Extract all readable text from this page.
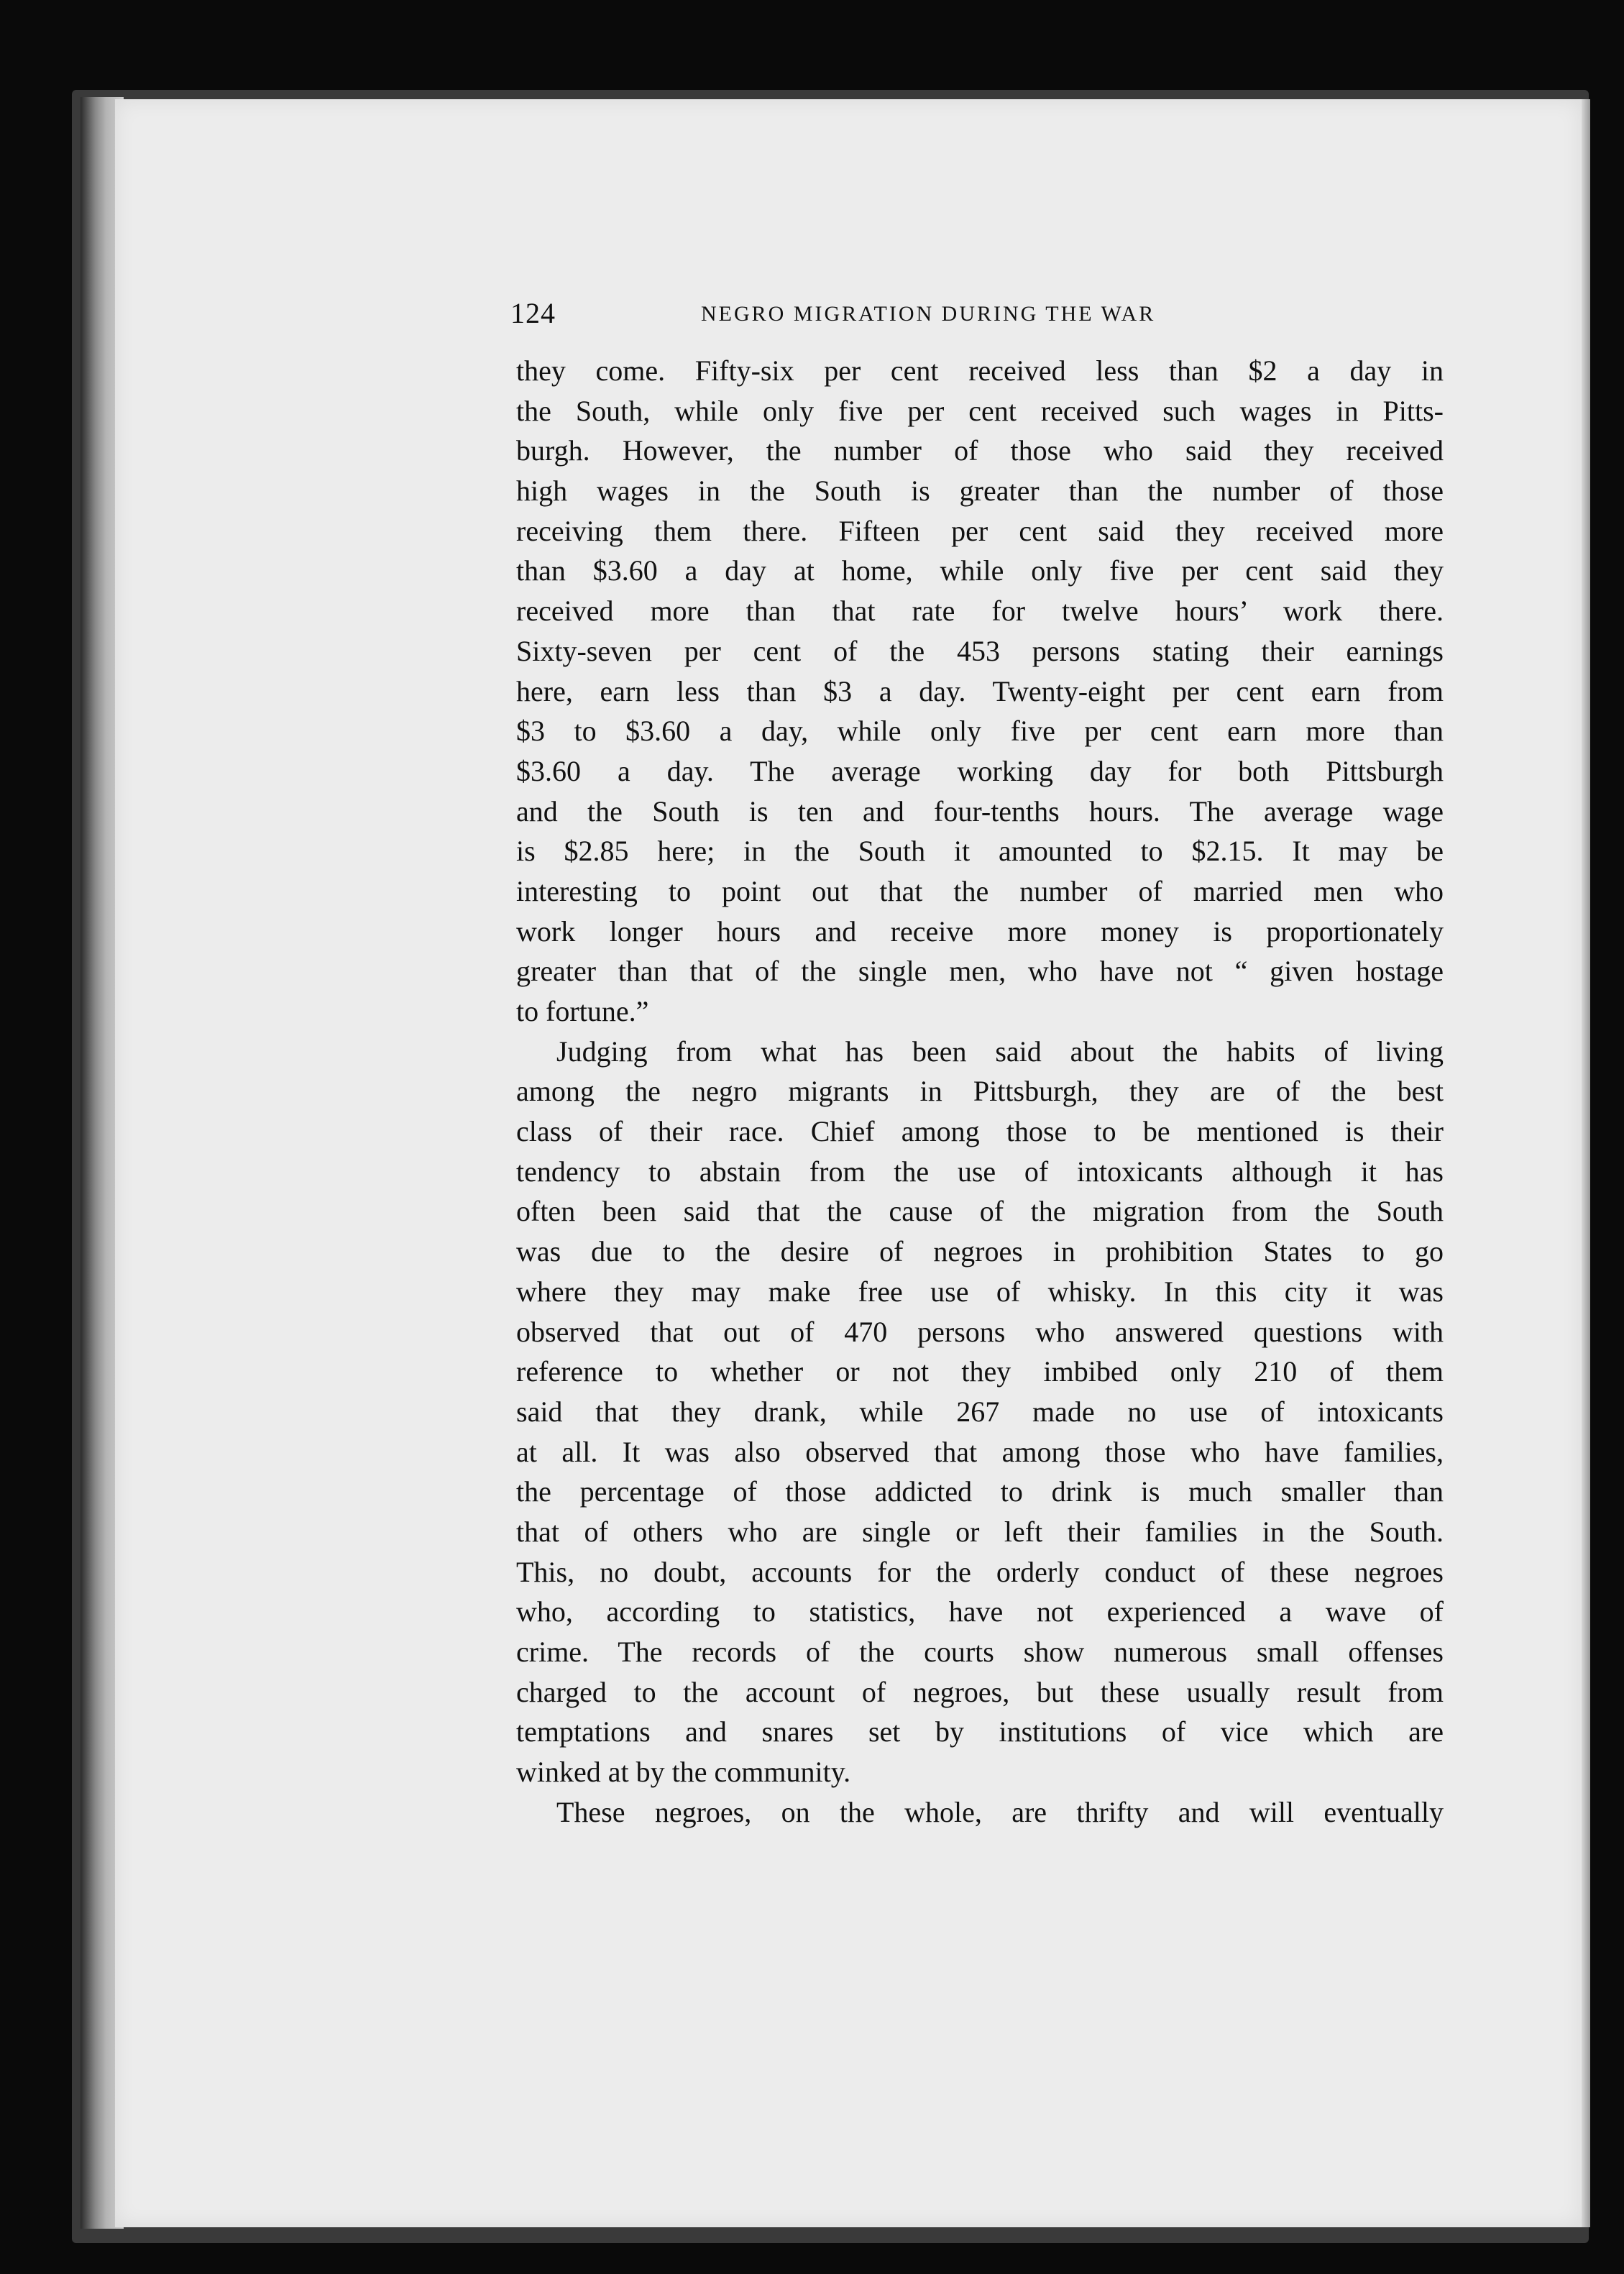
124	NEGRO MIGRATION DURING THE WAR
they come. Fifty-six per cent received less than $2 a day in
the South, while only five per cent received such wages in Pitts-
burgh. However, the number of those who said they received
high wages in the South is greater than the number of those
receiving them there. Fifteen per cent said they received more
than $3.60 a day at home, while only five per cent said they
received more than that rate for twelve hours’ work there.
Sixty-seven per cent of the 453 persons stating their earnings
here, earn less than $3 a day. Twenty-eight per cent earn from
$3 to $3.60 a day, while only five per cent earn more than
$3.60 a day. The average working day for both Pittsburgh
and the South is ten and four-tenths hours. The average wage
is $2.85 here; in the South it amounted to $2.15. It may be
interesting to point out that the number of married men who
work longer hours and receive more money is proportionately
greater than that of the single men, who have not “ given hostage
to fortune.”
Judging from what has been said about the habits of living
among the negro migrants in Pittsburgh, they are of the best
class of their race. Chief among those to be mentioned is their
tendency to abstain from the use of intoxicants although it has
often been said that the cause of the migration from the South
was due to the desire of negroes in prohibition States to go
where they may make free use of whisky. In this city it was
observed that out of 470 persons who answered questions with
reference to whether or not they imbibed only 210 of them
said that they drank, while 267 made no use of intoxicants
at all. It was also observed that among those who have families,
the percentage of those addicted to drink is much smaller than
that of others who are single or left their families in the South.
This, no doubt, accounts for the orderly conduct of these negroes
who, according to statistics, have not experienced a wave of
crime. The records of the courts show numerous small offenses
charged to the account of negroes, but these usually result from
temptations and snares set by institutions of vice which are
winked at by the community.
These negroes, on the whole, are thrifty and will eventually
